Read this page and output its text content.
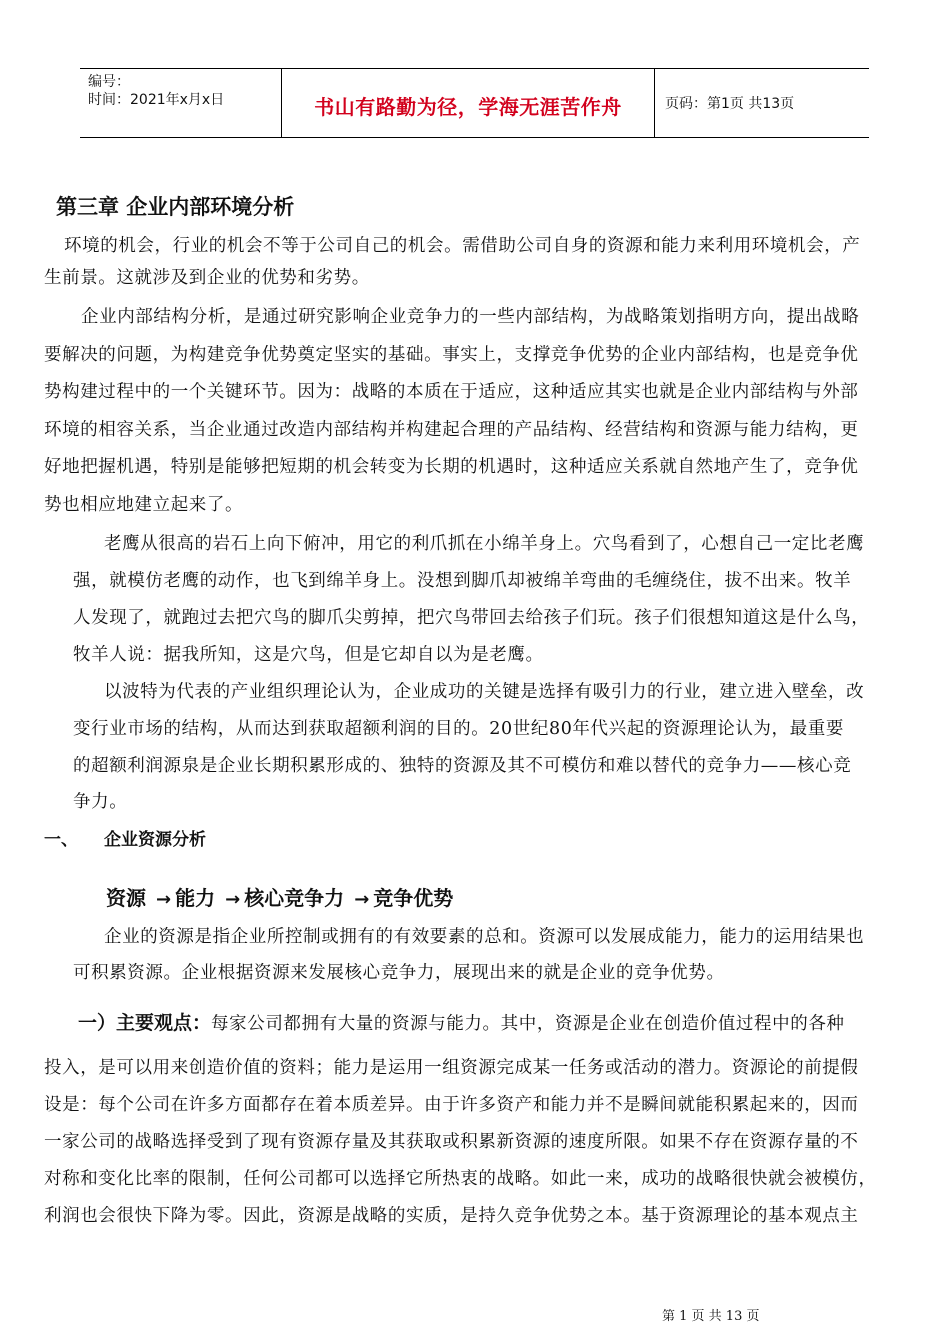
编号：
时间：2021年x月x日	书山有路勤为径，学海无涯苦作舟	页码：第1页 共13页
第三章 企业内部环境分析
环境的机会，行业的机会不等于公司自己的机会。需借助公司自身的资源和能力来利用环境机会，产
生前景。这就涉及到企业的优势和劣势。
企业内部结构分析，是通过研究影响企业竞争力的一些内部结构，为战略策划指明方向，提出战略
要解决的问题，为构建竞争优势奠定坚实的基础。事实上，支撑竞争优势的企业内部结构，也是竞争优
势构建过程中的一个关键环节。因为：战略的本质在于适应，这种适应其实也就是企业内部结构与外部
环境的相容关系，当企业通过改造内部结构并构建起合理的产品结构、经营结构和资源与能力结构，更
好地把握机遇，特别是能够把短期的机会转变为长期的机遇时，这种适应关系就自然地产生了，竞争优
势也相应地建立起来了。
老鹰从很高的岩石上向下俯冲，用它的利爪抓在小绵羊身上。穴鸟看到了，心想自己一定比老鹰
强，就模仿老鹰的动作，也飞到绵羊身上。没想到脚爪却被绵羊弯曲的毛缠绕住，拔不出来。牧羊
人发现了，就跑过去把穴鸟的脚爪尖剪掉，把穴鸟带回去给孩子们玩。孩子们很想知道这是什么鸟，
牧羊人说：据我所知，这是穴鸟，但是它却自以为是老鹰。
以波特为代表的产业组织理论认为，企业成功的关键是选择有吸引力的行业，建立进入壁垒，改
变行业市场的结构，从而达到获取超额利润的目的。20世纪80年代兴起的资源理论认为，最重要
的超额利润源泉是企业长期积累形成的、独特的资源及其不可模仿和难以替代的竞争力——核心竞
争力。
一、 企业资源分析
资源 → 能力 → 核心竞争力 → 竞争优势
企业的资源是指企业所控制或拥有的有效要素的总和。资源可以发展成能力，能力的运用结果也
可积累资源。企业根据资源来发展核心竞争力，展现出来的就是企业的竞争优势。
一）主要观点：每家公司都拥有大量的资源与能力。其中，资源是企业在创造价值过程中的各种
投入，是可以用来创造价值的资料；能力是运用一组资源完成某一任务或活动的潜力。资源论的前提假
设是：每个公司在许多方面都存在着本质差异。由于许多资产和能力并不是瞬间就能积累起来的，因而
一家公司的战略选择受到了现有资源存量及其获取或积累新资源的速度所限。如果不存在资源存量的不
对称和变化比率的限制，任何公司都可以选择它所热衷的战略。如此一来，成功的战略很快就会被模仿，
利润也会很快下降为零。因此，资源是战略的实质，是持久竞争优势之本。基于资源理论的基本观点主
第 1 页 共 13 页
